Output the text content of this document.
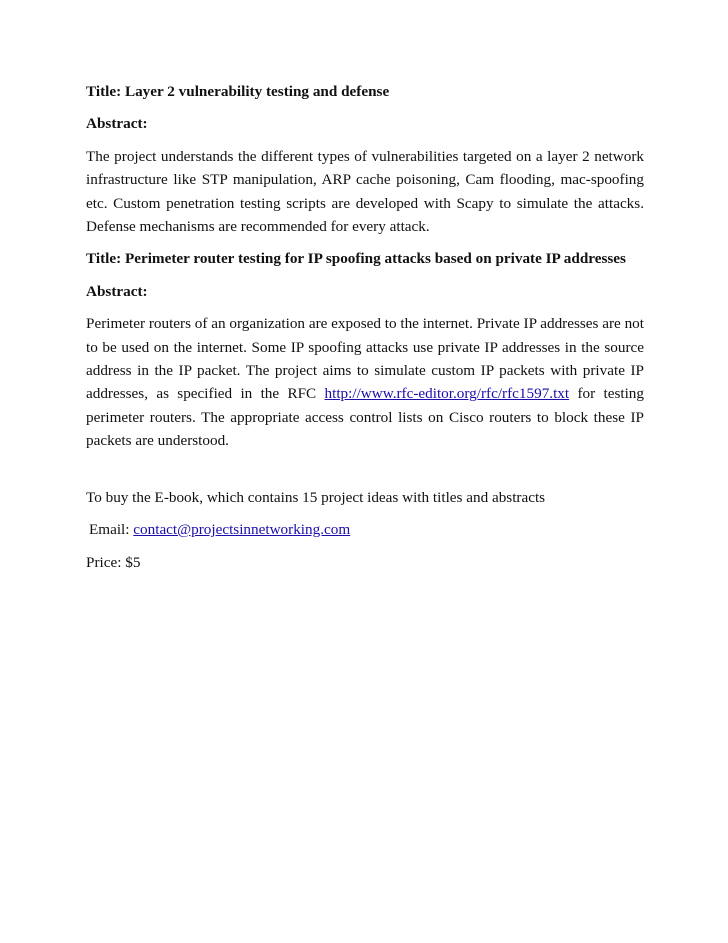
Title: Layer 2 vulnerability testing and defense
Abstract:
The project understands the different types of vulnerabilities targeted on a layer 2 network infrastructure like STP manipulation, ARP cache poisoning, Cam flooding, mac-spoofing etc. Custom penetration testing scripts are developed with Scapy to simulate the attacks. Defense mechanisms are recommended for every attack.
Title: Perimeter router testing for IP spoofing attacks based on private IP addresses
Abstract:
Perimeter routers of an organization are exposed to the internet. Private IP addresses are not to be used on the internet. Some IP spoofing attacks use private IP addresses in the source address in the IP packet. The project aims to simulate custom IP packets with private IP addresses, as specified in the RFC http://www.rfc-editor.org/rfc/rfc1597.txt for testing perimeter routers. The appropriate access control lists on Cisco routers to block these IP packets are understood.
To buy the E-book, which contains 15 project ideas with titles and abstracts
Email: contact@projectsinnetworking.com
Price: $5
